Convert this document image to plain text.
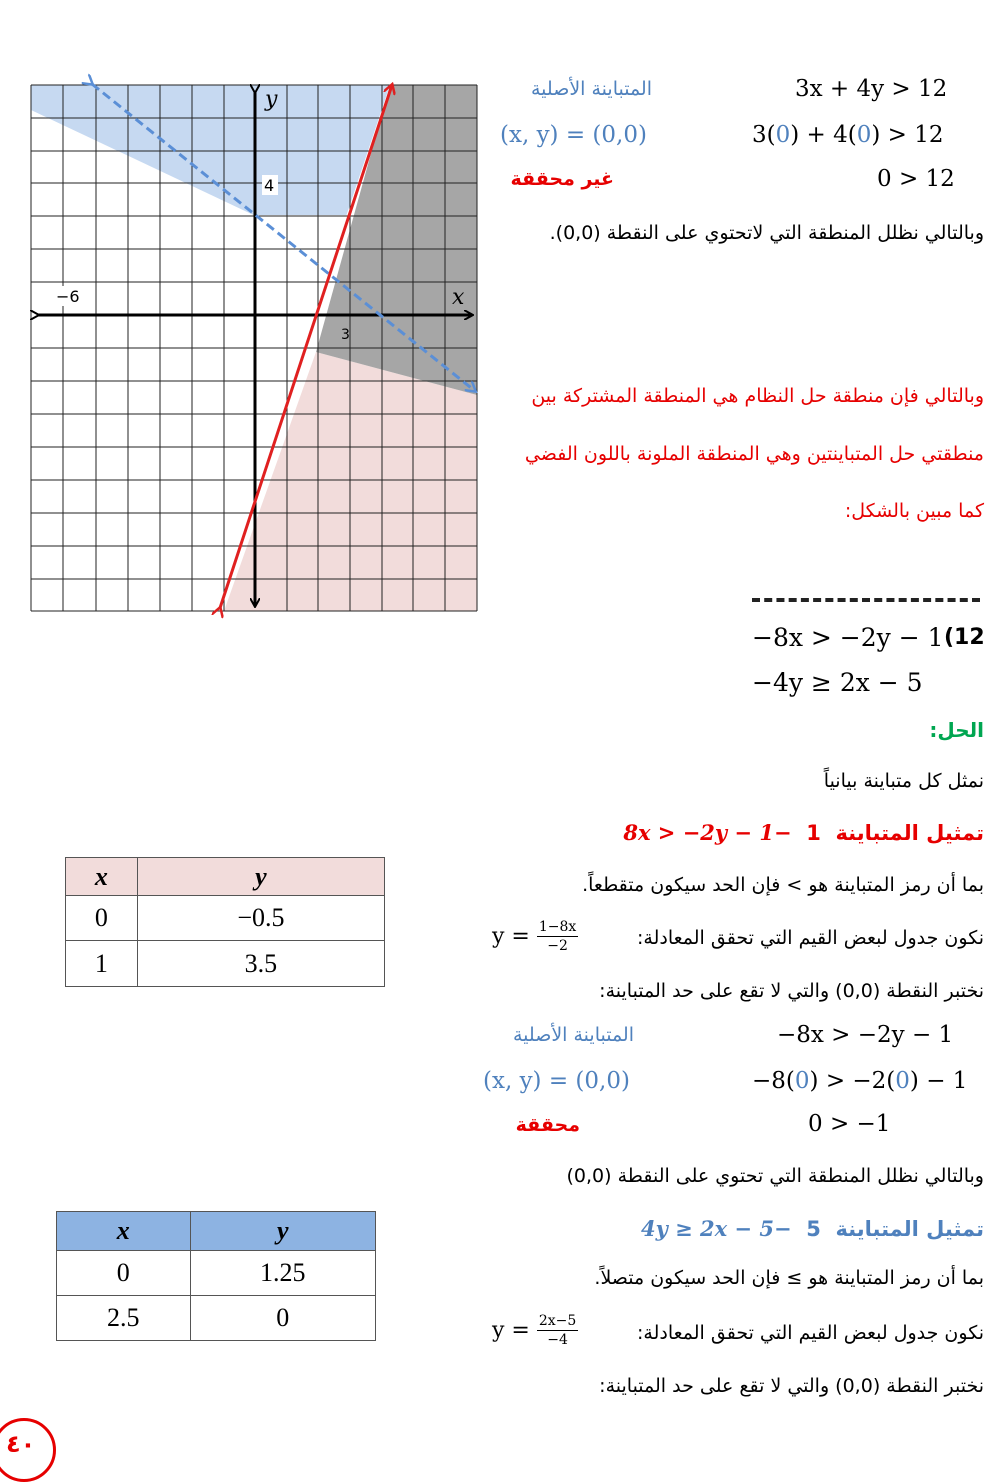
−6
3
4
x
y	المتباينة الأصلية	3x + 4y > 12
(x, y) = (0,0)	3(0) + 4(0) > 12
غير محققة	0 > 12
وبالتالي نظلل المنطقة التي لاتحتوي على النقطة (0,0).
وبالتالي فإن منطقة حل النظام هي المنطقة المشتركة بين
منطقتي حل المتباينتين وهي المنطقة الملونة باللون الفضي
كما مبين بالشكل:
−8x > −2y − 1 (12
−4y ≥ 2x − 5
الحل:
نمثل كل متباينة بيانياً
تمثيل المتباينة  1  −8x > −2y − 1
بما أن رمز المتباينة هو > فإن الحد سيكون متقطعاً.
نكون جدول لبعض القيم التي تحقق المعادلة:
$y = \frac{1-8x}{-2}$
نختبر النقطة (0,0) والتي لا تقع على حد المتباينة:
المتباينة الأصلية	−8x > −2y − 1
(x, y) = (0,0)	−8(0) > −2(0) − 1
محققة	0 > −1
وبالتالي نظلل المنطقة التي تحتوي على النقطة (0,0)
تمثيل المتباينة  5  −4y ≥ 2x − 5
بما أن رمز المتباينة هو ≥ فإن الحد سيكون متصلاً.
نكون جدول لبعض القيم التي تحقق المعادلة:
$y = \frac{2x-5}{-4}$
نختبر النقطة (0,0) والتي لا تقع على حد المتباينة:
x	y
0	−0.5
1	3.5
x	y
0	1.25
2.5	0
٤٠
